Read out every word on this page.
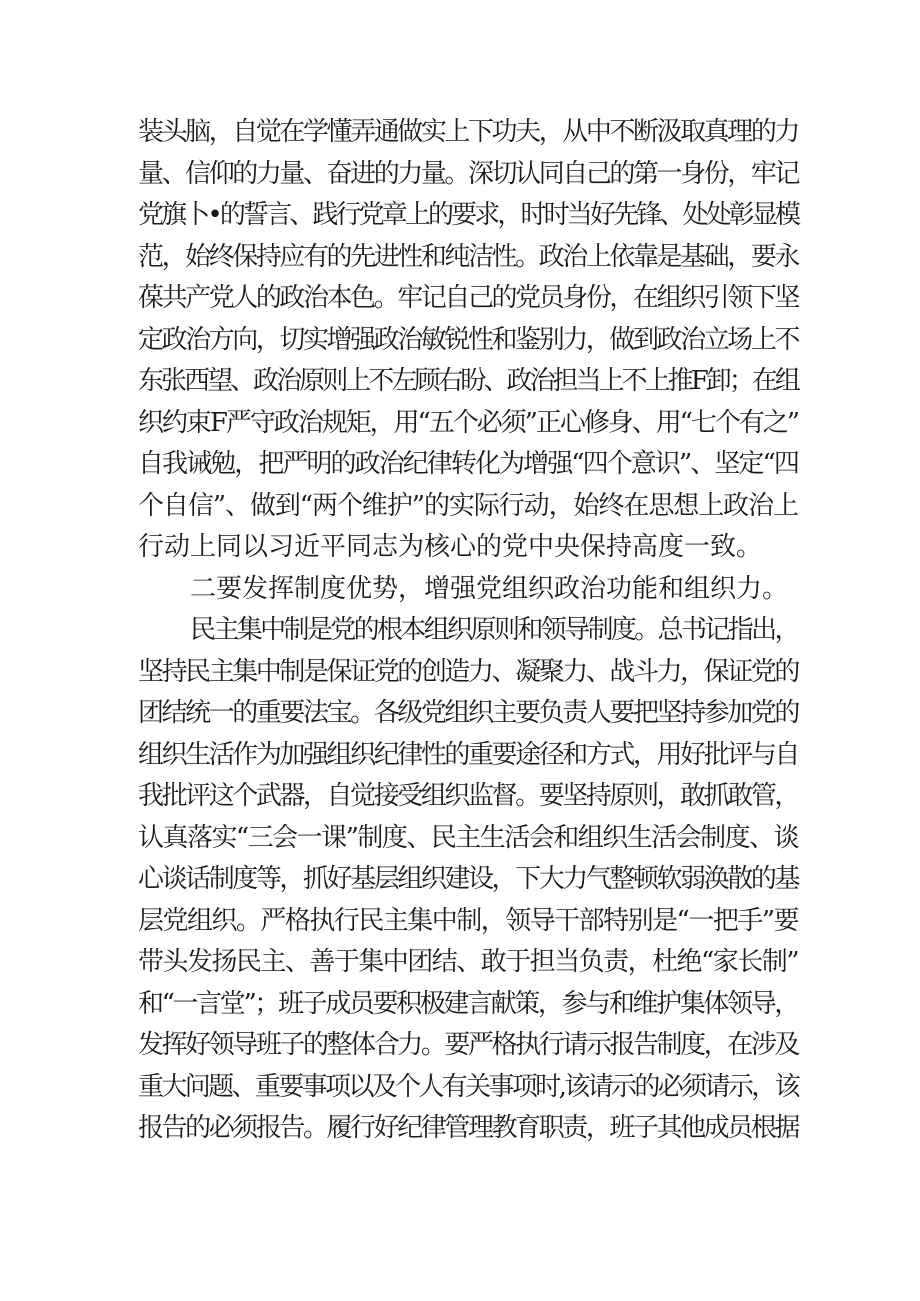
装头脑，自觉在学懂弄通做实上下功夫，从中不断汲取真理的力
量、信仰的力量、奋进的力量。深切认同自己的第一身份，牢记
党旗卜•的誓言、践行党章上的要求，时时当好先锋、处处彰显模
范，始终保持应有的先进性和纯洁性。政治上依靠是基础，要永
葆共产党人的政治本色。牢记自己的党员身份，在组织引领下坚
定政治方向，切实增强政治敏锐性和鉴别力，做到政治立场上不
东张西望、政治原则上不左顾右盼、政治担当上不上推F卸；在组
织约束F严守政治规矩，用“五个必须”正心修身、用“七个有之”
自我诫勉，把严明的政治纪律转化为增强“四个意识”、坚定“四
个自信”、做到“两个维护”的实际行动，始终在思想上政治上
行动上同以习近平同志为核心的党中央保持高度一致。
二要发挥制度优势，增强党组织政治功能和组织力。
民主集中制是党的根本组织原则和领导制度。总书记指出，
坚持民主集中制是保证党的创造力、凝聚力、战斗力，保证党的
团结统一的重要法宝。各级党组织主要负责人要把坚持参加党的
组织生活作为加强组织纪律性的重要途径和方式，用好批评与自
我批评这个武器，自觉接受组织监督。要坚持原则，敢抓敢管，
认真落实“三会一课”制度、民主生活会和组织生活会制度、谈
心谈话制度等，抓好基层组织建设，下大力气整顿软弱涣散的基
层党组织。严格执行民主集中制，领导干部特别是“一把手”要
带头发扬民主、善于集中团结、敢于担当负责，杜绝“家长制”
和“一言堂”；班子成员要积极建言献策，参与和维护集体领导，
发挥好领导班子的整体合力。要严格执行请示报告制度，在涉及
重大问题、重要事项以及个人有关事项时,该请示的必须请示，该
报告的必须报告。履行好纪律管理教育职责，班子其他成员根据
